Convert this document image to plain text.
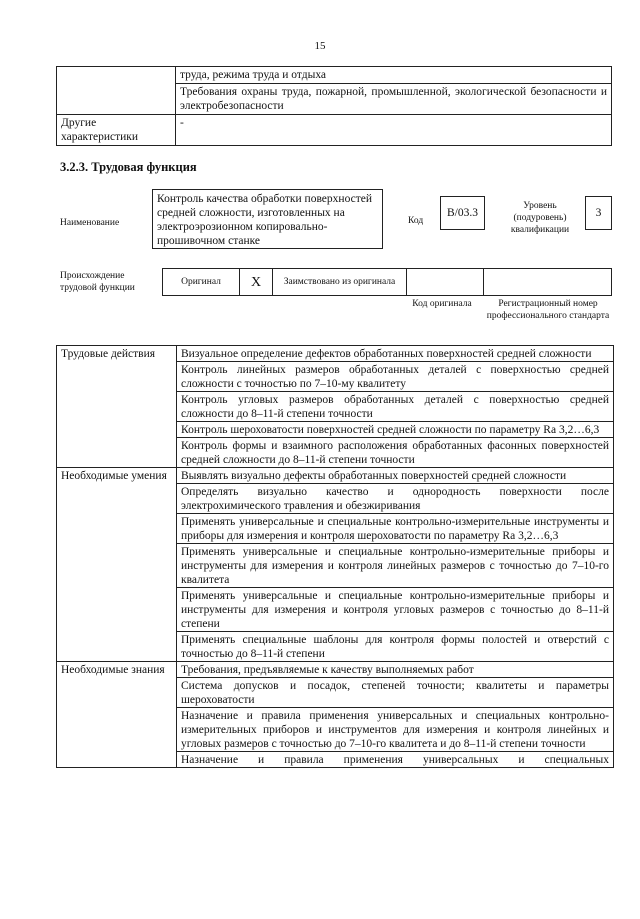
15
	труда, режима труда и отдыха
	Требования охраны труда, пожарной, промышленной, экологической безопасности и электробезопасности
Другие характеристики	-
3.2.3. Трудовая функция
Наименование
Контроль качества обработки поверхностей средней сложности, изготовленных на электроэрозионном копировально-прошивочном станке
Код
B/03.3
Уровень (подуровень) квалификации
3
Происхождение трудовой функции
Оригинал	X	Заимствовано из оригинала
Код оригинала	Регистрационный номер профессионального стандарта
Трудовые действия	Визуальное определение дефектов обработанных поверхностей средней сложности
	Контроль линейных размеров обработанных деталей с поверхностью средней сложности с точностью по 7–10-му квалитету
	Контроль угловых размеров обработанных деталей с поверхностью средней сложности до 8–11-й степени точности
	Контроль шероховатости поверхностей средней сложности по параметру Ra 3,2…6,3
	Контроль формы и взаимного расположения обработанных фасонных поверхностей средней сложности до 8–11-й степени точности
Необходимые умения	Выявлять визуально дефекты обработанных поверхностей средней сложности
	Определять визуально качество и однородность поверхности после электрохимического травления и обезжиривания
	Применять универсальные и специальные контрольно-измерительные инструменты и приборы для измерения и контроля шероховатости по параметру Ra 3,2…6,3
	Применять универсальные и специальные контрольно-измерительные приборы и инструменты для измерения и контроля линейных размеров с точностью до 7–10-го квалитета
	Применять универсальные и специальные контрольно-измерительные приборы и инструменты для измерения и контроля угловых размеров с точностью до 8–11-й степени
	Применять специальные шаблоны для контроля формы полостей и отверстий с точностью до 8–11-й степени
Необходимые знания	Требования, предъявляемые к качеству выполняемых работ
	Система допусков и посадок, степеней точности; квалитеты и параметры шероховатости
	Назначение и правила применения универсальных и специальных контрольно-измерительных приборов и инструментов для измерения и контроля линейных и угловых размеров с точностью до 7–10-го квалитета и до 8–11-й степени точности
	Назначение и правила применения универсальных и специальных
